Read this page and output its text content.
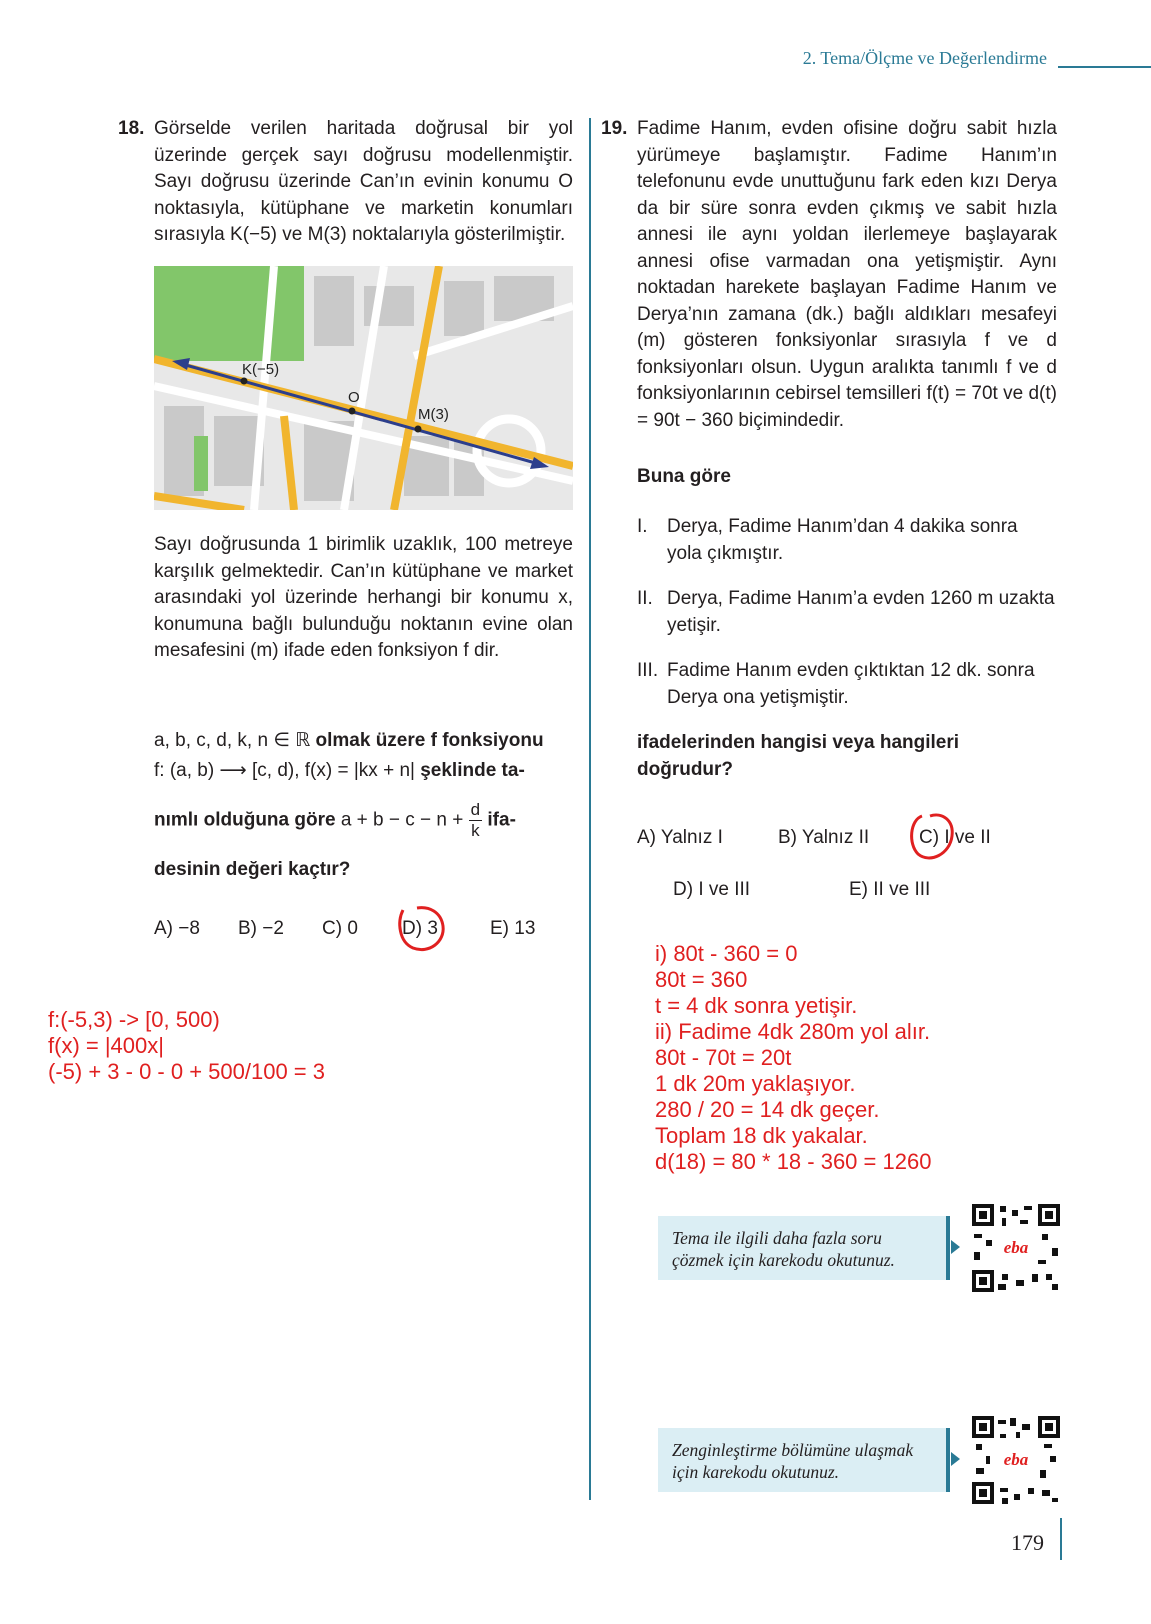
2. Tema/Ölçme ve Değerlendirme
18. Görselde verilen haritada doğrusal bir yol üzerinde gerçek sayı doğrusu modellenmiştir. Sayı doğrusu üzerinde Can’ın evinin konumu O noktasıyla, kütüphane ve marketin konumları sırasıyla K(−5) ve M(3) noktalarıyla gösterilmiştir.

K(−5)
O
M(3)

Sayı doğrusunda 1 birimlik uzaklık, 100 metreye karşılık gelmektedir. Can’ın kütüphane ve market arasındaki yol üzerinde herhangi bir konumu x, konumuna bağlı bulunduğu noktanın evine olan mesafesini (m) ifade eden fonksiyon f dir.

a, b, c, d, k, n ∈ ℝ olmak üzere f fonksiyonu
f: (a, b) ⟶ [c, d), f(x) = |kx + n| şeklinde ta-
nımlı olduğuna göre $a + b - c - n + \frac{d}{k} ifa-$
desinin değeri kaçtır?
A) −8 B) −2 C) 0 D) 3	E) 13
f:(-5,3) -> [0, 500)
f(x) = |400x|
(-5) + 3 - 0 - 0 + 500/100 = 3
19. Fadime Hanım, evden ofisine doğru sabit hızla yürümeye başlamıştır. Fadime Hanım’ın telefonunu evde unuttuğunu fark eden kızı Derya da bir süre sonra evden çıkmış ve sabit hızla annesi ile aynı yoldan ilerlemeye başlayarak annesi ofise varmadan ona yetişmiştir. Aynı noktadan harekete başlayan Fadime Hanım ve Derya’nın zamana (dk.) bağlı aldıkları mesafeyi (m) gösteren fonksiyonlar sırasıyla f ve d fonksiyonları olsun. Uygun aralıkta tanımlı f ve d fonksiyonlarının cebirsel temsilleri f(t) = 70t ve d(t) = 90t − 360 biçimindedir.

Buna göre
I. Derya, Fadime Hanım’dan 4 dakika sonra yola çıkmıştır.
II. Derya, Fadime Hanım’a evden 1260 m uzakta yetişir.
III. Fadime Hanım evden çıktıktan 12 dk. sonra Derya ona yetişmiştir.
ifadelerinden hangisi veya hangileri doğrudur?
A) Yalnız I	B) Yalnız II	C) I ve II
D) I ve III	E) II ve III
i) 80t - 360 = 0
80t = 360
t = 4 dk sonra yetişir.
ii) Fadime 4dk 280m yol alır.
80t - 70t = 20t
1 dk 20m yaklaşıyor.
280 / 20 = 14 dk geçer.
Toplam 18 dk yakalar.
d(18) = 80 * 18 - 360 = 1260
Tema ile ilgili daha fazla soru çözmek için karekodu okutunuz.
eba
Zenginleştirme bölümüne ulaşmak için karekodu okutunuz.
eba
179
